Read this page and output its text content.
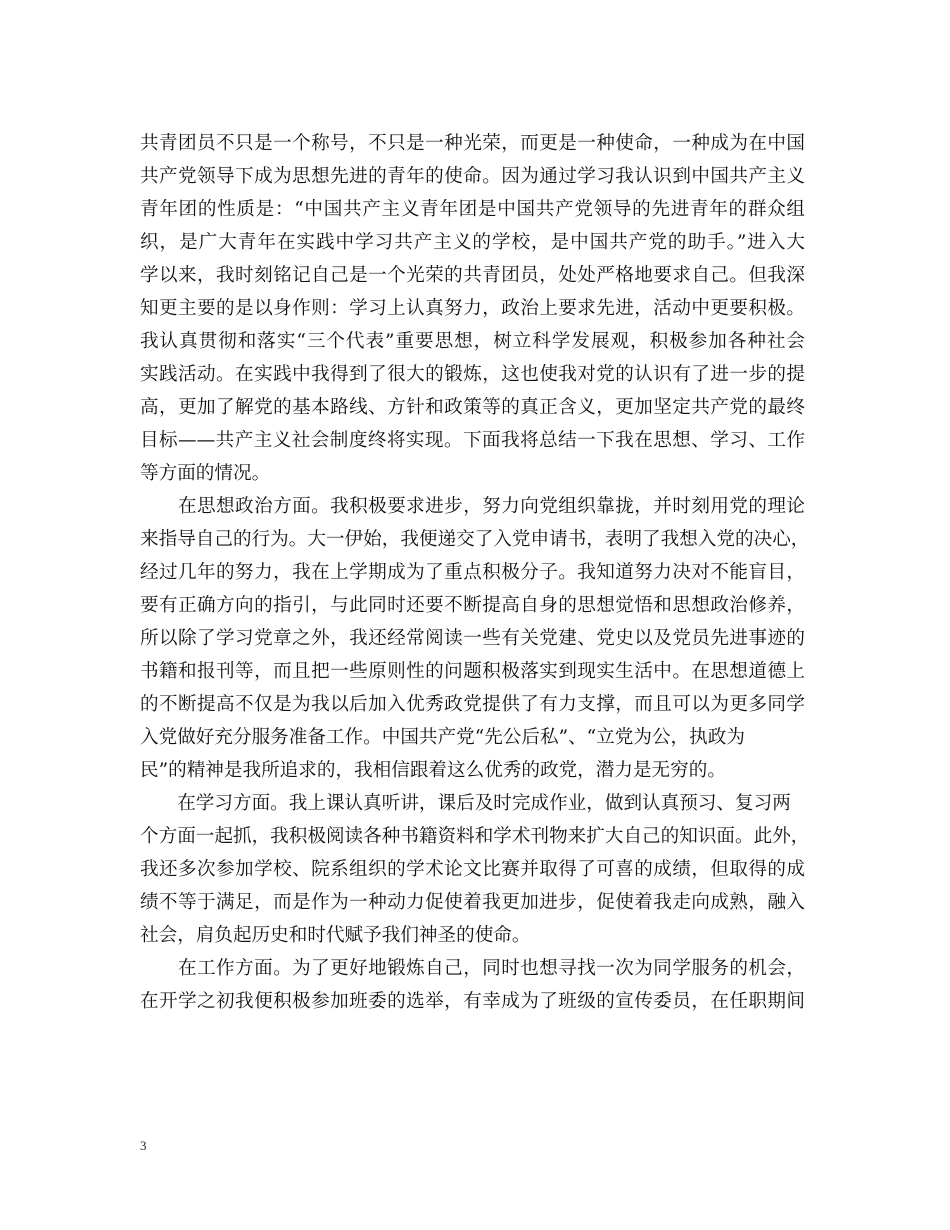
共青团员不只是一个称号，不只是一种光荣，而更是一种使命，一种成为在中国
共产党领导下成为思想先进的青年的使命。因为通过学习我认识到中国共产主义
青年团的性质是：“中国共产主义青年团是中国共产党领导的先进青年的群众组
织，是广大青年在实践中学习共产主义的学校，是中国共产党的助手。”进入大
学以来，我时刻铭记自己是一个光荣的共青团员，处处严格地要求自己。但我深
知更主要的是以身作则：学习上认真努力，政治上要求先进，活动中更要积极。
我认真贯彻和落实“三个代表”重要思想，树立科学发展观，积极参加各种社会
实践活动。在实践中我得到了很大的锻炼，这也使我对党的认识有了进一步的提
高，更加了解党的基本路线、方针和政策等的真正含义，更加坚定共产党的最终
目标——共产主义社会制度终将实现。下面我将总结一下我在思想、学习、工作
等方面的情况。
　　在思想政治方面。我积极要求进步，努力向党组织靠拢，并时刻用党的理论
来指导自己的行为。大一伊始，我便递交了入党申请书，表明了我想入党的决心，
经过几年的努力，我在上学期成为了重点积极分子。我知道努力决对不能盲目，
要有正确方向的指引，与此同时还要不断提高自身的思想觉悟和思想政治修养，
所以除了学习党章之外，我还经常阅读一些有关党建、党史以及党员先进事迹的
书籍和报刊等，而且把一些原则性的问题积极落实到现实生活中。在思想道德上
的不断提高不仅是为我以后加入优秀政党提供了有力支撑，而且可以为更多同学
入党做好充分服务准备工作。中国共产党“先公后私”、“立党为公，执政为
民”的精神是我所追求的，我相信跟着这么优秀的政党，潜力是无穷的。
　　在学习方面。我上课认真听讲，课后及时完成作业，做到认真预习、复习两
个方面一起抓，我积极阅读各种书籍资料和学术刊物来扩大自己的知识面。此外，
我还多次参加学校、院系组织的学术论文比赛并取得了可喜的成绩，但取得的成
绩不等于满足，而是作为一种动力促使着我更加进步，促使着我走向成熟，融入
社会，肩负起历史和时代赋予我们神圣的使命。
　　在工作方面。为了更好地锻炼自己，同时也想寻找一次为同学服务的机会，
在开学之初我便积极参加班委的选举，有幸成为了班级的宣传委员，在任职期间
3
